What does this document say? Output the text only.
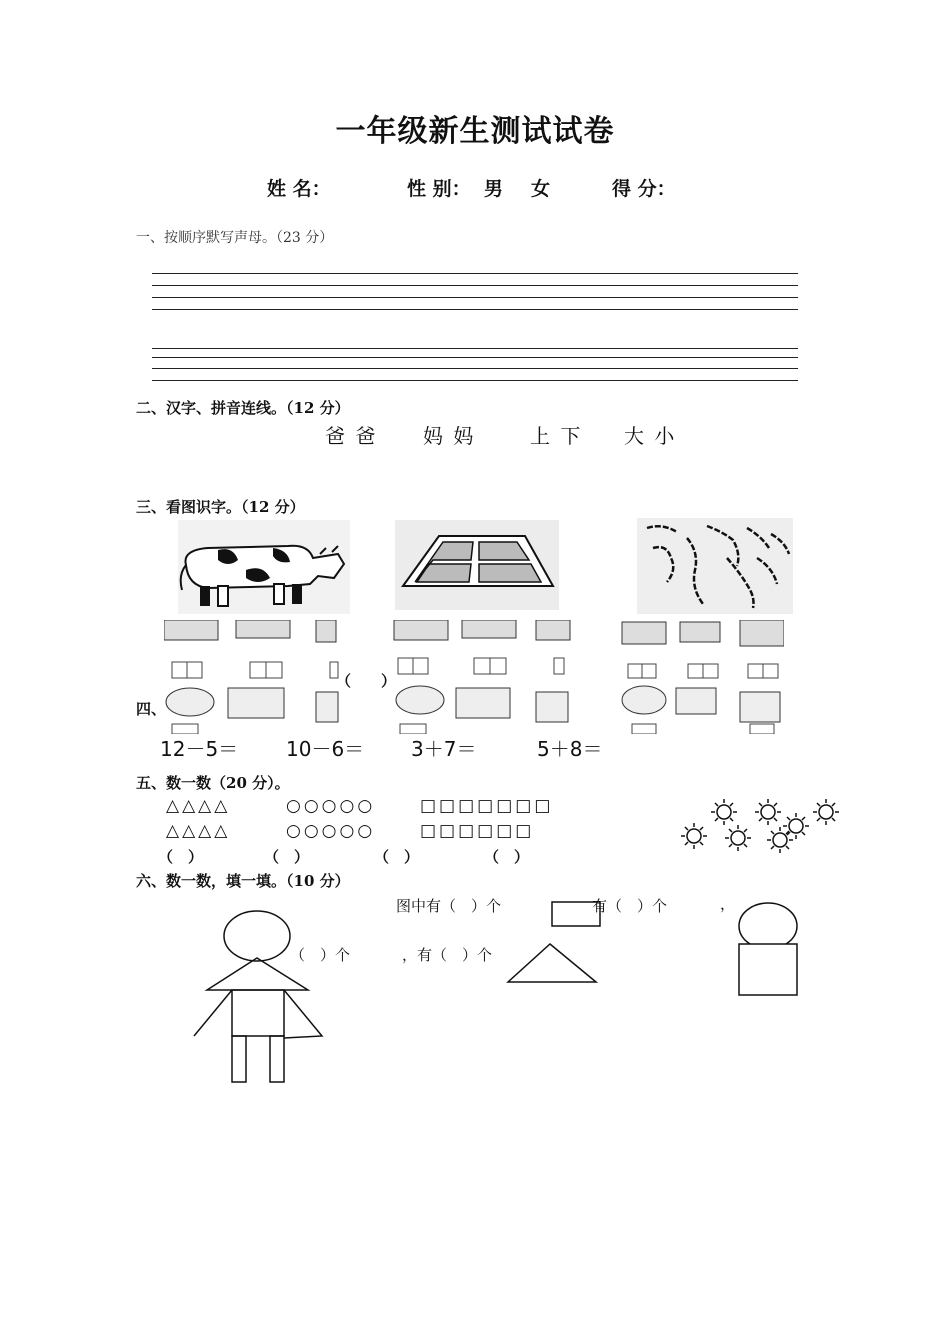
一年级新生测试试卷
姓 名：	性 别： 男 女	得 分：
一、按顺序默写声母。（23 分）
二、汉字、拼音连线。（12 分）
爸 爸 妈 妈	上 下 大 小
三、看图识字。（12 分）
（　　）
四、
12－5＝ 10－6＝ 3＋7＝	5＋8＝
五、数一数（20 分）。
△△△△	○○○○○	□□□□□□□
△△△△	○○○○○	□□□□□□
（　）	（　）	（　）	（　）
六、数一数，填一填。（10 分）
图中有（　）个	有（　）个	，
（　）个	，有（　）个
